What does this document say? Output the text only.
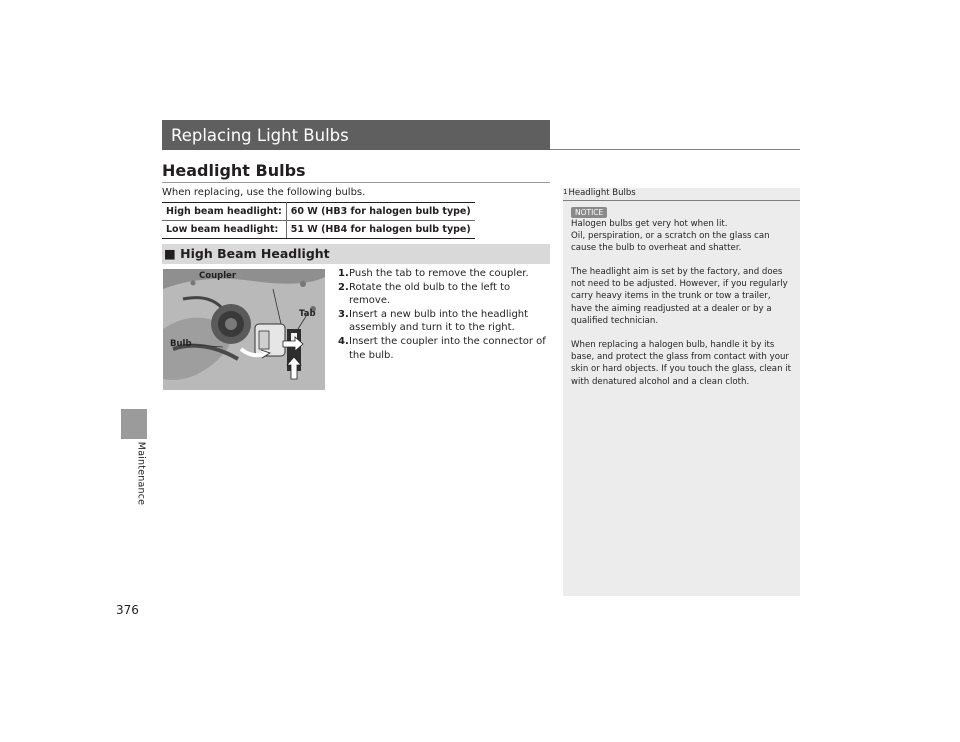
Maintenance
376
Replacing Light Bulbs
Headlight Bulbs
When replacing, use the following bulbs.
High beam headlight:	60 W (HB3 for halogen bulb type)
Low beam headlight:	51 W (HB4 for halogen bulb type)
■ High Beam Headlight
Coupler
Tab
Bulb
1. Push the tab to remove the coupler.
2. Rotate the old bulb to the left to remove.
3. Insert a new bulb into the headlight assembly and turn it to the right.
4. Insert the coupler into the connector of the bulb.
1Headlight Bulbs
NOTICE
Halogen bulbs get very hot when lit.
Oil, perspiration, or a scratch on the glass can cause the bulb to overheat and shatter.
The headlight aim is set by the factory, and does not need to be adjusted. However, if you regularly carry heavy items in the trunk or tow a trailer, have the aiming readjusted at a dealer or by a qualified technician.
When replacing a halogen bulb, handle it by its base, and protect the glass from contact with your skin or hard objects. If you touch the glass, clean it with denatured alcohol and a clean cloth.
